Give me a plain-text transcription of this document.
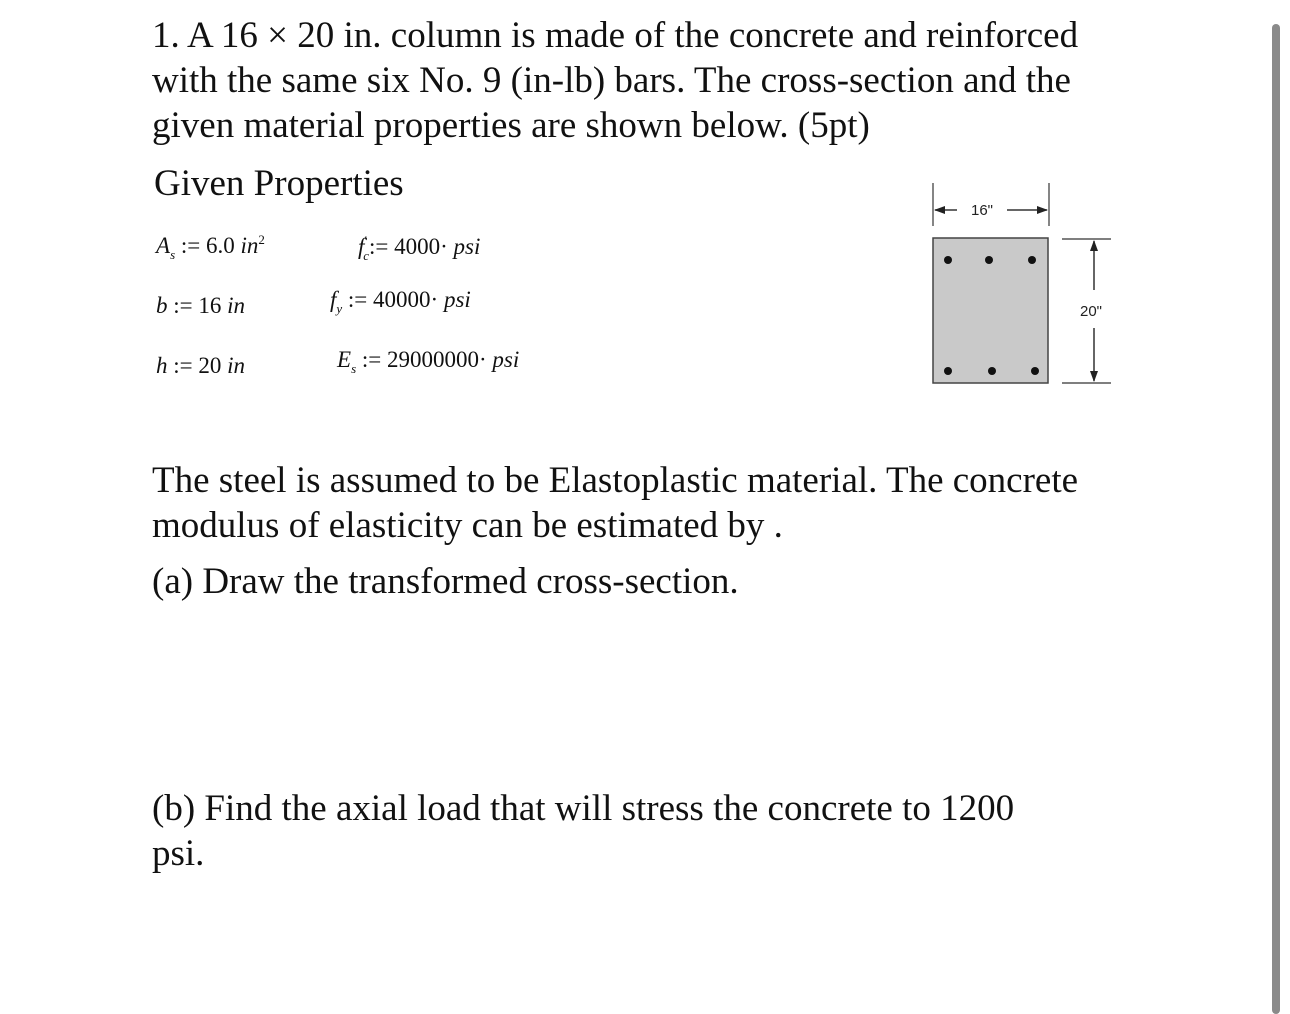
1. A 16 × 20 in. column is made of the concrete and reinforced with the same six No. 9 (in-lb) bars. The cross-section and the given material properties are shown below. (5pt)
Given Properties
$A_s$ := 6.0 $in^2$	$f'_c:= 4000\cdot$ psi
b := 16 in	$f_y$ := 40000· psi
h := 20 in	$E_s$ := 29000000· psi
16"
20"
The steel is assumed to be Elastoplastic material. The concrete modulus of elasticity can be estimated by .
(a) Draw the transformed cross-section.
(b) Find the axial load that will stress the concrete to 1200 psi.
